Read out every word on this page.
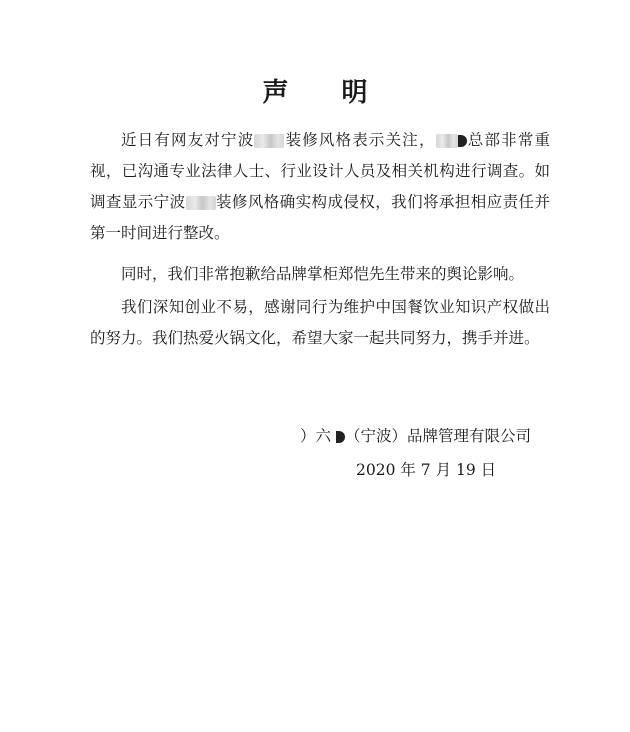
声 明

近日有网友对宁波 装修风格表示关注， 总部非常重视，已沟通专业法律人士、行业设计人员及相关机构进行调查。如调查显示宁波 装修风格确实构成侵权，我们将承担相应责任并第一时间进行整改。

同时，我们非常抱歉给品牌掌柜郑恺先生带来的舆论影响。

我们深知创业不易，感谢同行为维护中国餐饮业知识产权做出的努力。我们热爱火锅文化，希望大家一起共同努力，携手并进。

）六 （宁波）品牌管理有限公司
2020 年 7 月 19 日
